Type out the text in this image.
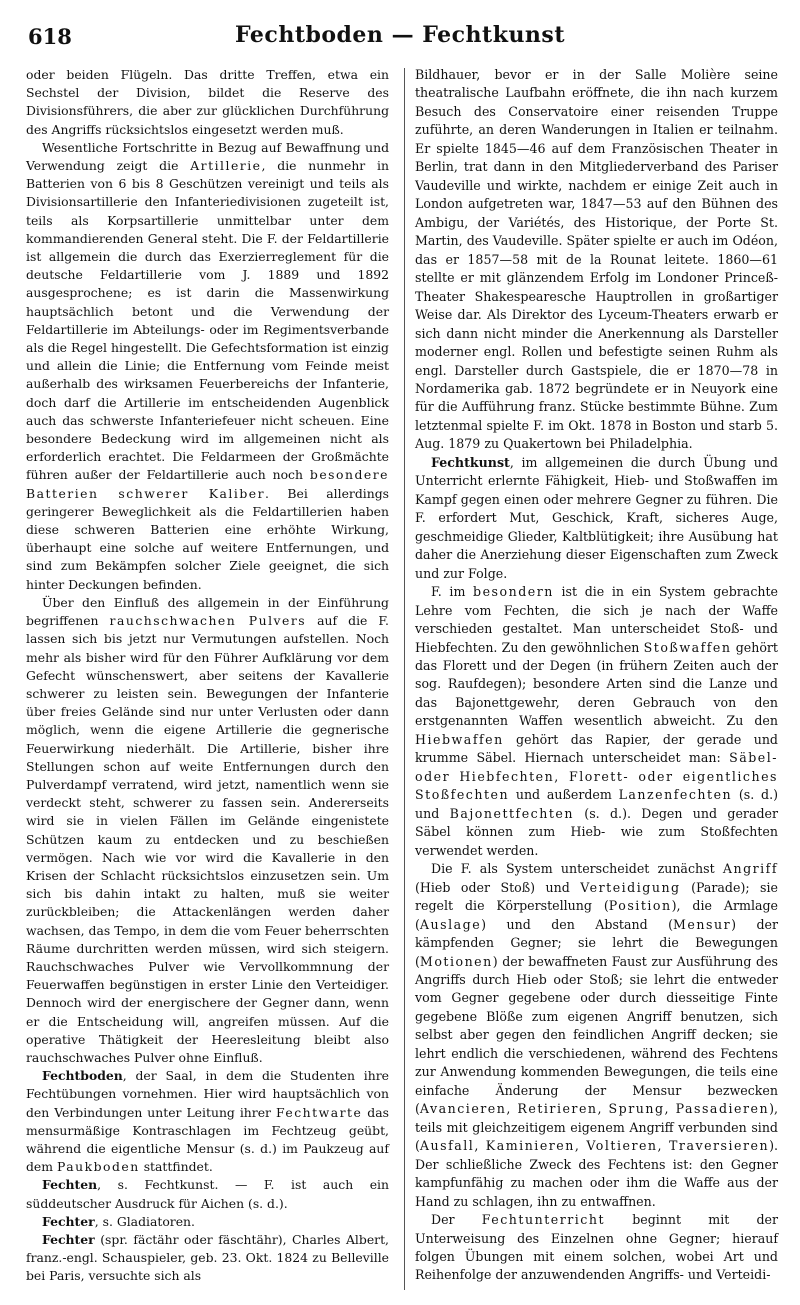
618	Fechtboden — Fechtkunst

oder beiden Flügeln. Das dritte Treffen, etwa ein Sechstel der Division, bildet die Reserve des Divisionsführers, die aber zur glücklichen Durchführung des Angriffs rücksichtslos eingesetzt werden muß.

Wesentliche Fortschritte in Bezug auf Bewaffnung und Verwendung zeigt die Artillerie, die nunmehr in Batterien von 6 bis 8 Geschützen vereinigt und teils als Divisionsartillerie den Infanteriedivisionen zugeteilt ist, teils als Korpsartillerie unmittelbar unter dem kommandierenden General steht. Die F. der Feldartillerie ist allgemein die durch das Exerzierreglement für die deutsche Feldartillerie vom J. 1889 und 1892 ausgesprochene; es ist darin die Massenwirkung hauptsächlich betont und die Verwendung der Feldartillerie im Abteilungs- oder im Regimentsverbande als die Regel hingestellt. Die Gefechtsformation ist einzig und allein die Linie; die Entfernung vom Feinde meist außerhalb des wirksamen Feuerbereichs der Infanterie, doch darf die Artillerie im entscheidenden Augenblick auch das schwerste Infanteriefeuer nicht scheuen. Eine besondere Bedeckung wird im allgemeinen nicht als erforderlich erachtet. Die Feldarmeen der Großmächte führen außer der Feldartillerie auch noch besondere Batterien schwerer Kaliber. Bei allerdings geringerer Beweglichkeit als die Feldartillerien haben diese schweren Batterien eine erhöhte Wirkung, überhaupt eine solche auf weitere Entfernungen, und sind zum Bekämpfen solcher Ziele geeignet, die sich hinter Deckungen befinden.

Über den Einfluß des allgemein in der Einführung begriffenen rauchschwachen Pulvers auf die F. lassen sich bis jetzt nur Vermutungen aufstellen. Noch mehr als bisher wird für den Führer Aufklärung vor dem Gefecht wünschenswert, aber seitens der Kavallerie schwerer zu leisten sein. Bewegungen der Infanterie über freies Gelände sind nur unter Verlusten oder dann möglich, wenn die eigene Artillerie die gegnerische Feuerwirkung niederhält. Die Artillerie, bisher ihre Stellungen schon auf weite Entfernungen durch den Pulverdampf verratend, wird jetzt, namentlich wenn sie verdeckt steht, schwerer zu fassen sein. Andererseits wird sie in vielen Fällen im Gelände eingenistete Schützen kaum zu entdecken und zu beschießen vermögen. Nach wie vor wird die Kavallerie in den Krisen der Schlacht rücksichtslos einzusetzen sein. Um sich bis dahin intakt zu halten, muß sie weiter zurückbleiben; die Attackenlängen werden daher wachsen, das Tempo, in dem die vom Feuer beherrschten Räume durchritten werden müssen, wird sich steigern. Rauchschwaches Pulver wie Vervollkommnung der Feuerwaffen begünstigen in erster Linie den Verteidiger. Dennoch wird der energischere der Gegner dann, wenn er die Entscheidung will, angreifen müssen. Auf die operative Thätigkeit der Heeresleitung bleibt also rauchschwaches Pulver ohne Einfluß.

Fechtboden, der Saal, in dem die Studenten ihre Fechtübungen vornehmen. Hier wird hauptsächlich von den Verbindungen unter Leitung ihrer Fechtwarte das mensurmäßige Kontraschlagen im Fechtzeug geübt, während die eigentliche Mensur (s. d.) im Paukzeug auf dem Paukboden stattfindet.

Fechten, s. Fechtkunst. — F. ist auch ein süddeutscher Ausdruck für Aichen (s. d.).

Fechter, s. Gladiatoren.

Fechter (spr. fäctähr oder fäschtähr), Charles Albert, franz.-engl. Schauspieler, geb. 23. Okt. 1824 zu Belleville bei Paris, versuchte sich als

Bildhauer, bevor er in der Salle Molière seine theatralische Laufbahn eröffnete, die ihn nach kurzem Besuch des Conservatoire einer reisenden Truppe zuführte, an deren Wanderungen in Italien er teilnahm. Er spielte 1845—46 auf dem Französischen Theater in Berlin, trat dann in den Mitgliederverband des Pariser Vaudeville und wirkte, nachdem er einige Zeit auch in London aufgetreten war, 1847—53 auf den Bühnen des Ambigu, der Variétés, des Historique, der Porte St. Martin, des Vaudeville. Später spielte er auch im Odéon, das er 1857—58 mit de la Rounat leitete. 1860—61 stellte er mit glänzendem Erfolg im Londoner Princeß-Theater Shakespearesche Hauptrollen in großartiger Weise dar. Als Direktor des Lyceum-Theaters erwarb er sich dann nicht minder die Anerkennung als Darsteller moderner engl. Rollen und befestigte seinen Ruhm als engl. Darsteller durch Gastspiele, die er 1870—78 in Nordamerika gab. 1872 begründete er in Neuyork eine für die Aufführung franz. Stücke bestimmte Bühne. Zum letztenmal spielte F. im Okt. 1878 in Boston und starb 5. Aug. 1879 zu Quakertown bei Philadelphia.

Fechtkunst, im allgemeinen die durch Übung und Unterricht erlernte Fähigkeit, Hieb- und Stoßwaffen im Kampf gegen einen oder mehrere Gegner zu führen. Die F. erfordert Mut, Geschick, Kraft, sicheres Auge, geschmeidige Glieder, Kaltblütigkeit; ihre Ausübung hat daher die Anerziehung dieser Eigenschaften zum Zweck und zur Folge.

F. im besondern ist die in ein System gebrachte Lehre vom Fechten, die sich je nach der Waffe verschieden gestaltet. Man unterscheidet Stoß- und Hiebfechten. Zu den gewöhnlichen Stoßwaffen gehört das Florett und der Degen (in frühern Zeiten auch der sog. Raufdegen); besondere Arten sind die Lanze und das Bajonettgewehr, deren Gebrauch von den erstgenannten Waffen wesentlich abweicht. Zu den Hiebwaffen gehört das Rapier, der gerade und krumme Säbel. Hiernach unterscheidet man: Säbel- oder Hiebfechten, Florett- oder eigentliches Stoßfechten und außerdem Lanzenfechten (s. d.) und Bajonettfechten (s. d.). Degen und gerader Säbel können zum Hieb- wie zum Stoßfechten verwendet werden.

Die F. als System unterscheidet zunächst Angriff (Hieb oder Stoß) und Verteidigung (Parade); sie regelt die Körperstellung (Position), die Armlage (Auslage) und den Abstand (Mensur) der kämpfenden Gegner; sie lehrt die Bewegungen (Motionen) der bewaffneten Faust zur Ausführung des Angriffs durch Hieb oder Stoß; sie lehrt die entweder vom Gegner gegebene oder durch diesseitige Finte gegebene Blöße zum eigenen Angriff benutzen, sich selbst aber gegen den feindlichen Angriff decken; sie lehrt endlich die verschiedenen, während des Fechtens zur Anwendung kommenden Bewegungen, die teils eine einfache Änderung der Mensur bezwecken (Avancieren, Retirieren, Sprung, Passadieren), teils mit gleichzeitigem eigenem Angriff verbunden sind (Ausfall, Kaminieren, Voltieren, Traversieren). Der schließliche Zweck des Fechtens ist: den Gegner kampfunfähig zu machen oder ihm die Waffe aus der Hand zu schlagen, ihn zu entwaffnen.

Der Fechtunterricht beginnt mit der Unterweisung des Einzelnen ohne Gegner; hierauf folgen Übungen mit einem solchen, wobei Art und Reihenfolge der anzuwendenden Angriffs- und Verteidi-
